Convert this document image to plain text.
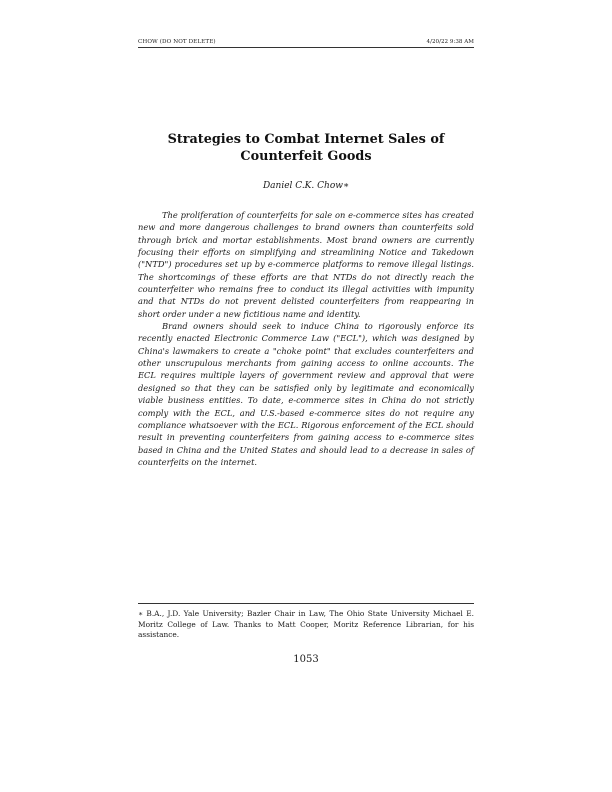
CHOW (DO NOT DELETE)	4/20/22 9:38 AM
Strategies to Combat Internet Sales of Counterfeit Goods
Daniel C.K. Chow∗

The proliferation of counterfeits for sale on e-commerce sites has created new and more dangerous challenges to brand owners than counterfeits sold through brick and mortar establishments. Most brand owners are currently focusing their efforts on simplifying and streamlining Notice and Takedown ("NTD") procedures set up by e-commerce platforms to remove illegal listings. The shortcomings of these efforts are that NTDs do not directly reach the counterfeiter who remains free to conduct its illegal activities with impunity and that NTDs do not prevent delisted counterfeiters from reappearing in short order under a new fictitious name and identity.

Brand owners should seek to induce China to rigorously enforce its recently enacted Electronic Commerce Law ("ECL"), which was designed by China's lawmakers to create a "choke point" that excludes counterfeiters and other unscrupulous merchants from gaining access to online accounts. The ECL requires multiple layers of government review and approval that were designed so that they can be satisfied only by legitimate and economically viable business entities. To date, e-commerce sites in China do not strictly comply with the ECL, and U.S.-based e-commerce sites do not require any compliance whatsoever with the ECL. Rigorous enforcement of the ECL should result in preventing counterfeiters from gaining access to e-commerce sites based in China and the United States and should lead to a decrease in sales of counterfeits on the internet.

∗ B.A., J.D. Yale University; Bazler Chair in Law, The Ohio State University Michael E. Moritz College of Law. Thanks to Matt Cooper, Moritz Reference Librarian, for his assistance.
1053
